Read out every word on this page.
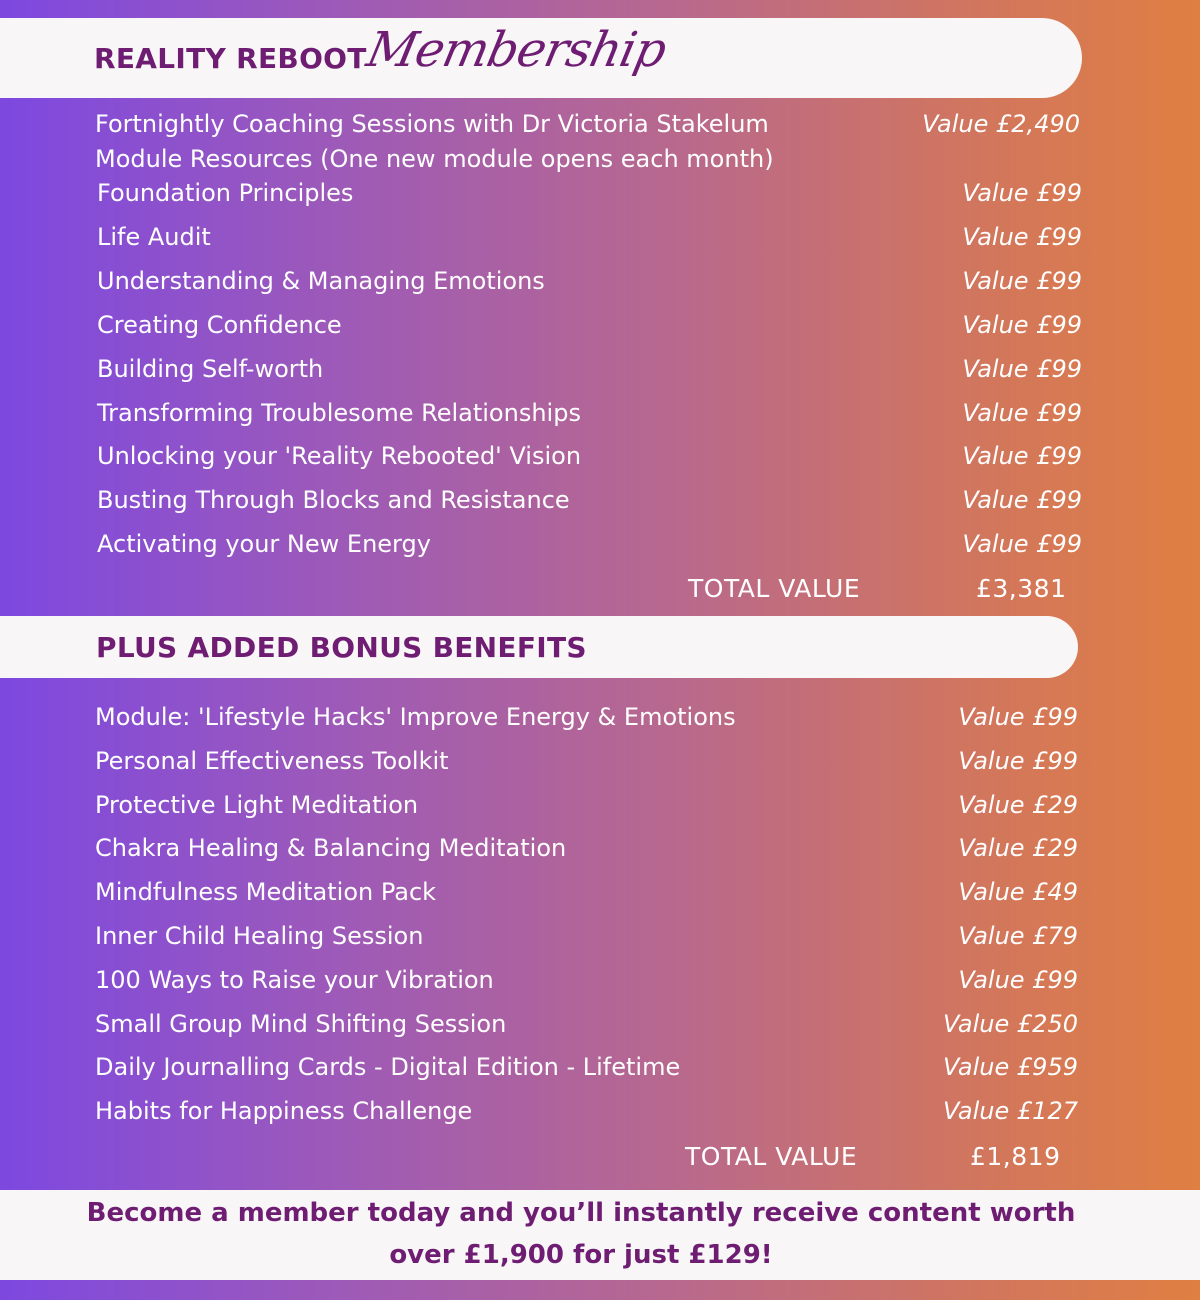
REALITY REBOOT
Membership
Fortnightly Coaching Sessions with Dr Victoria Stakelum	Value £2,490
Module Resources (One new module opens each month)
Foundation Principles	Value £99
Life Audit	Value £99
Understanding & Managing Emotions	Value £99
Creating Confidence	Value £99
Building Self-worth	Value £99
Transforming Troublesome Relationships	Value £99
Unlocking your 'Reality Rebooted' Vision	Value £99
Busting Through Blocks and Resistance	Value £99
Activating your New Energy	Value £99
TOTAL VALUE	£3,381
PLUS ADDED BONUS BENEFITS
Module: 'Lifestyle Hacks' Improve Energy & Emotions	Value £99
Personal Effectiveness Toolkit	Value £99
Protective Light Meditation	Value £29
Chakra Healing & Balancing Meditation	Value £29
Mindfulness Meditation Pack	Value £49
Inner Child Healing Session	Value £79
100 Ways to Raise your Vibration	Value £99
Small Group Mind Shifting Session	Value £250
Daily Journalling Cards - Digital Edition - Lifetime	Value £959
Habits for Happiness Challenge	Value £127
TOTAL VALUE	£1,819
Become a member today and you’ll instantly receive content worth
over £1,900 for just £129!
